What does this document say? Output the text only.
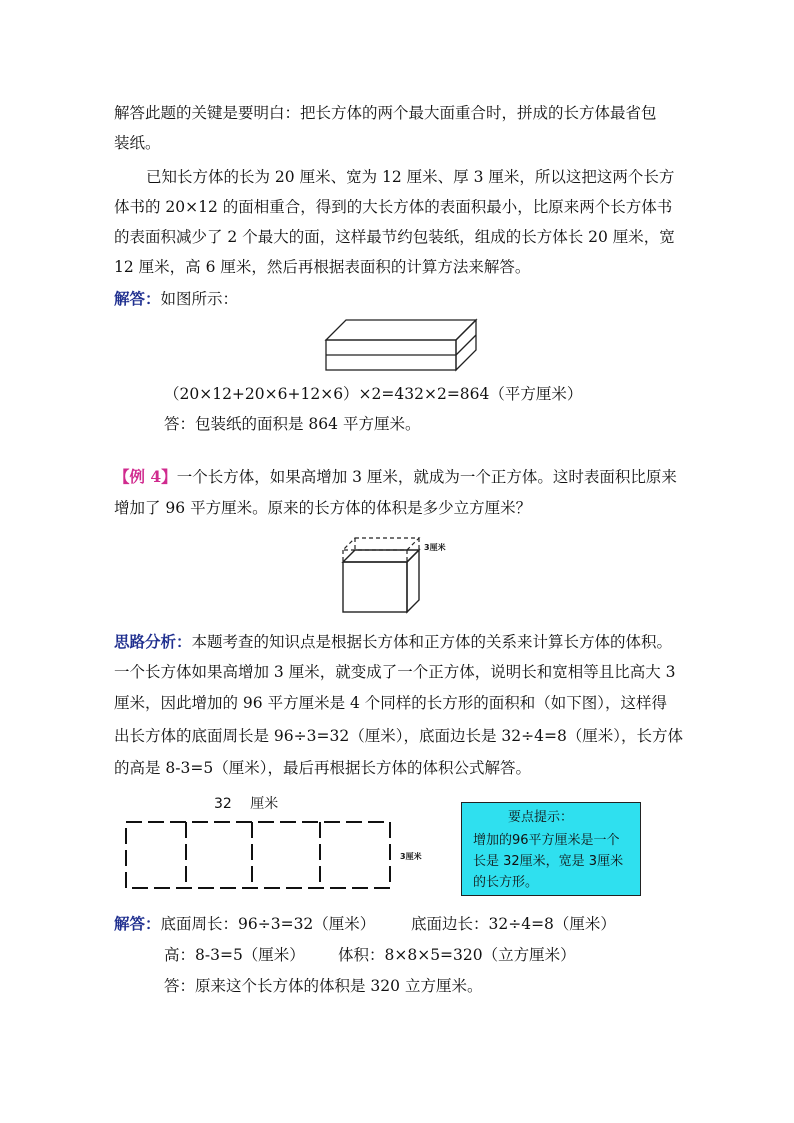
解答此题的关键是要明白：把长方体的两个最大面重合时，拼成的长方体最省包
装纸。
已知长方体的长为 20 厘米、宽为 12 厘米、厚 3 厘米，所以这把这两个长方
体书的 20×12 的面相重合，得到的大长方体的表面积最小，比原来两个长方体书
的表面积减少了 2 个最大的面，这样最节约包装纸，组成的长方体长 20 厘米，宽
12 厘米，高 6 厘米，然后再根据表面积的计算方法来解答。
解答：如图所示：
（20×12+20×6+12×6）×2=432×2=864（平方厘米）
答：包装纸的面积是 864 平方厘米。
【例 4】一个长方体，如果高增加 3 厘米，就成为一个正方体。这时表面积比原来
增加了 96 平方厘米。原来的长方体的体积是多少立方厘米？
3厘米
思路分析：本题考查的知识点是根据长方体和正方体的关系来计算长方体的体积。
一个长方体如果高增加 3 厘米，就变成了一个正方体，说明长和宽相等且比高大 3
厘米，因此增加的 96 平方厘米是 4 个同样的长方形的面积和（如下图），这样得
出长方体的底面周长是 96÷3=32（厘米），底面边长是 32÷4=8（厘米），长方体
的高是 8-3=5（厘米），最后再根据长方体的体积公式解答。
32　 厘米
3厘米
要点提示：
增加的96平方厘米是一个
长是 32厘米，宽是 3厘米
的长方形。
解答：底面周长：96÷3=32（厘米） 底面边长：32÷4=8（厘米）
高：8-3=5（厘米） 体积：8×8×5=320（立方厘米）
答：原来这个长方体的体积是 320 立方厘米。
